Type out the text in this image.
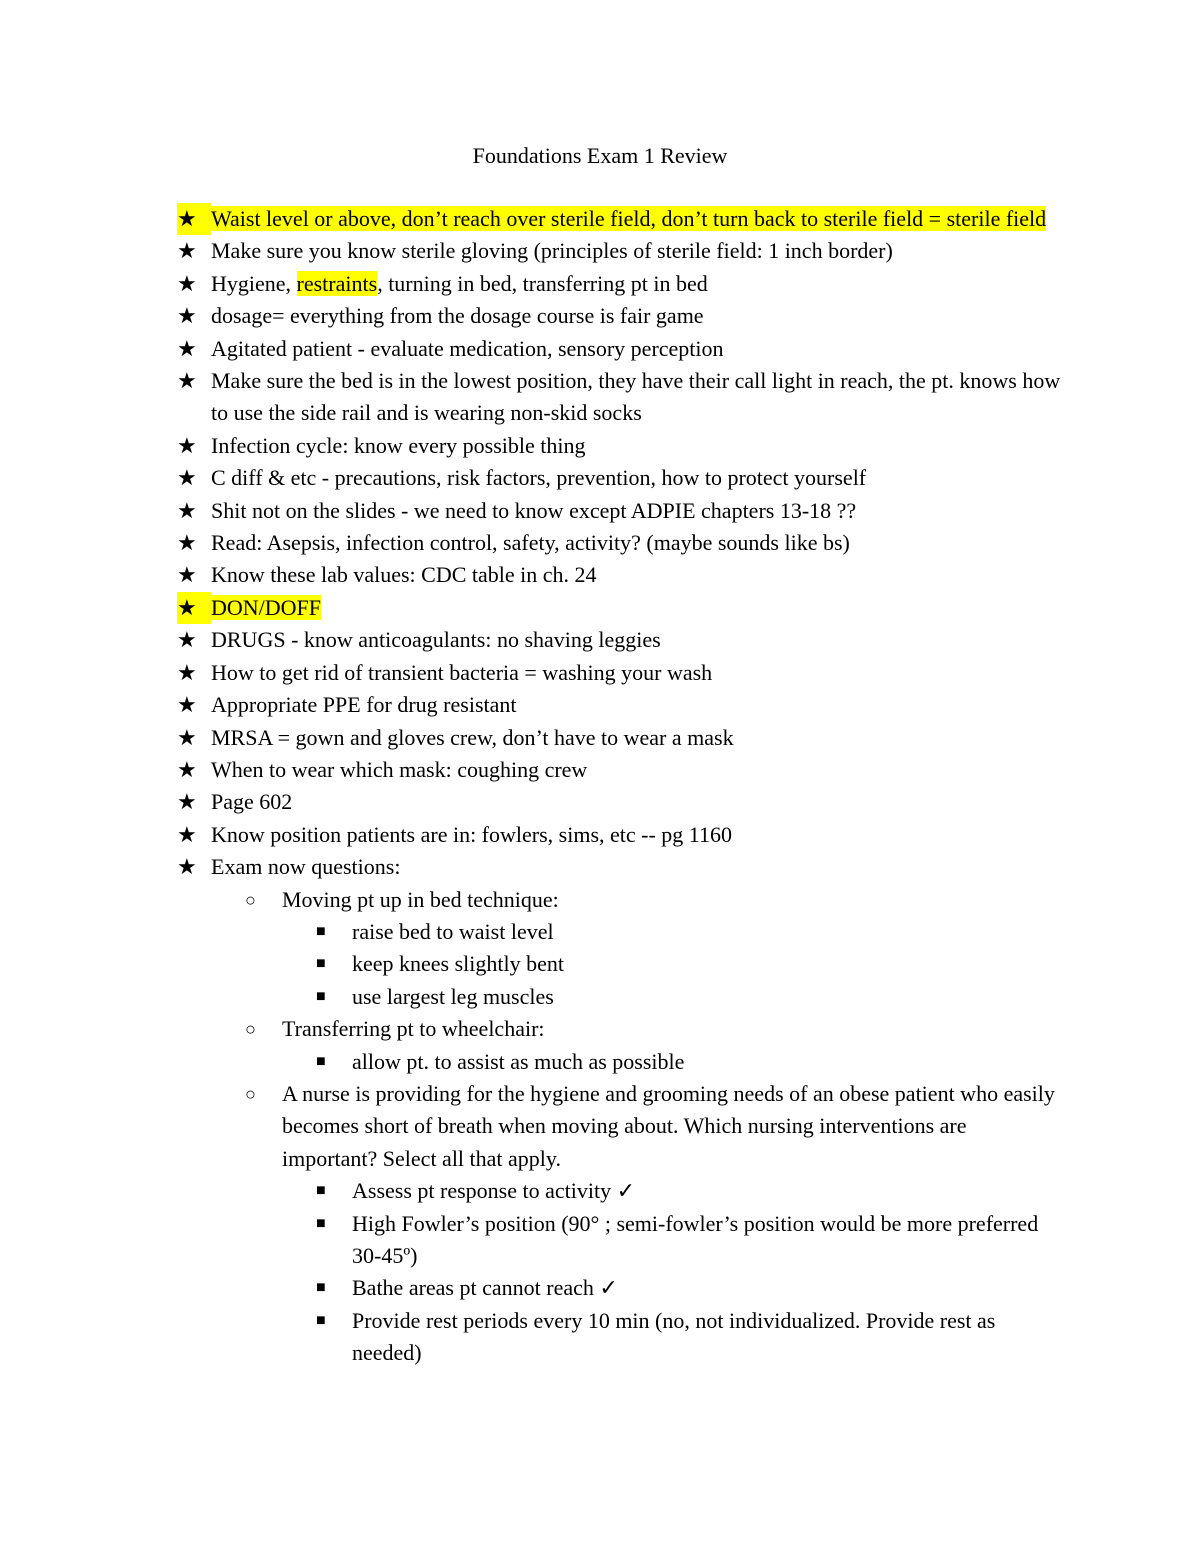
Foundations Exam 1 Review
★ Waist level or above, don’t reach over sterile field, don’t turn back to sterile field = sterile field
★ Make sure you know sterile gloving (principles of sterile field: 1 inch border)
★ Hygiene, restraints, turning in bed, transferring pt in bed
★ dosage= everything from the dosage course is fair game
★ Agitated patient - evaluate medication, sensory perception
★ Make sure the bed is in the lowest position, they have their call light in reach, the pt. knows how to use the side rail and is wearing non-skid socks
★ Infection cycle: know every possible thing
★ C diff & etc - precautions, risk factors, prevention, how to protect yourself
★ Shit not on the slides - we need to know except ADPIE chapters 13-18 ??
★ Read: Asepsis, infection control, safety, activity? (maybe sounds like bs)
★ Know these lab values: CDC table in ch. 24
★ DON/DOFF
★ DRUGS - know anticoagulants: no shaving leggies
★ How to get rid of transient bacteria = washing your wash
★ Appropriate PPE for drug resistant
★ MRSA = gown and gloves crew, don’t have to wear a mask
★ When to wear which mask: coughing crew
★ Page 602
★ Know position patients are in: fowlers, sims, etc -- pg 1160
★ Exam now questions:
○	Moving pt up in bed technique:
■	raise bed to waist level
■	keep knees slightly bent
■	use largest leg muscles
○	Transferring pt to wheelchair:
■	allow pt. to assist as much as possible
○	A nurse is providing for the hygiene and grooming needs of an obese patient who easily becomes short of breath when moving about. Which nursing interventions are important? Select all that apply.
■	Assess pt response to activity ✓
■	High Fowler’s position (90° ; semi-fowler’s position would be more preferred 30-45º)
■	Bathe areas pt cannot reach ✓
■	Provide rest periods every 10 min (no, not individualized. Provide rest as needed)
